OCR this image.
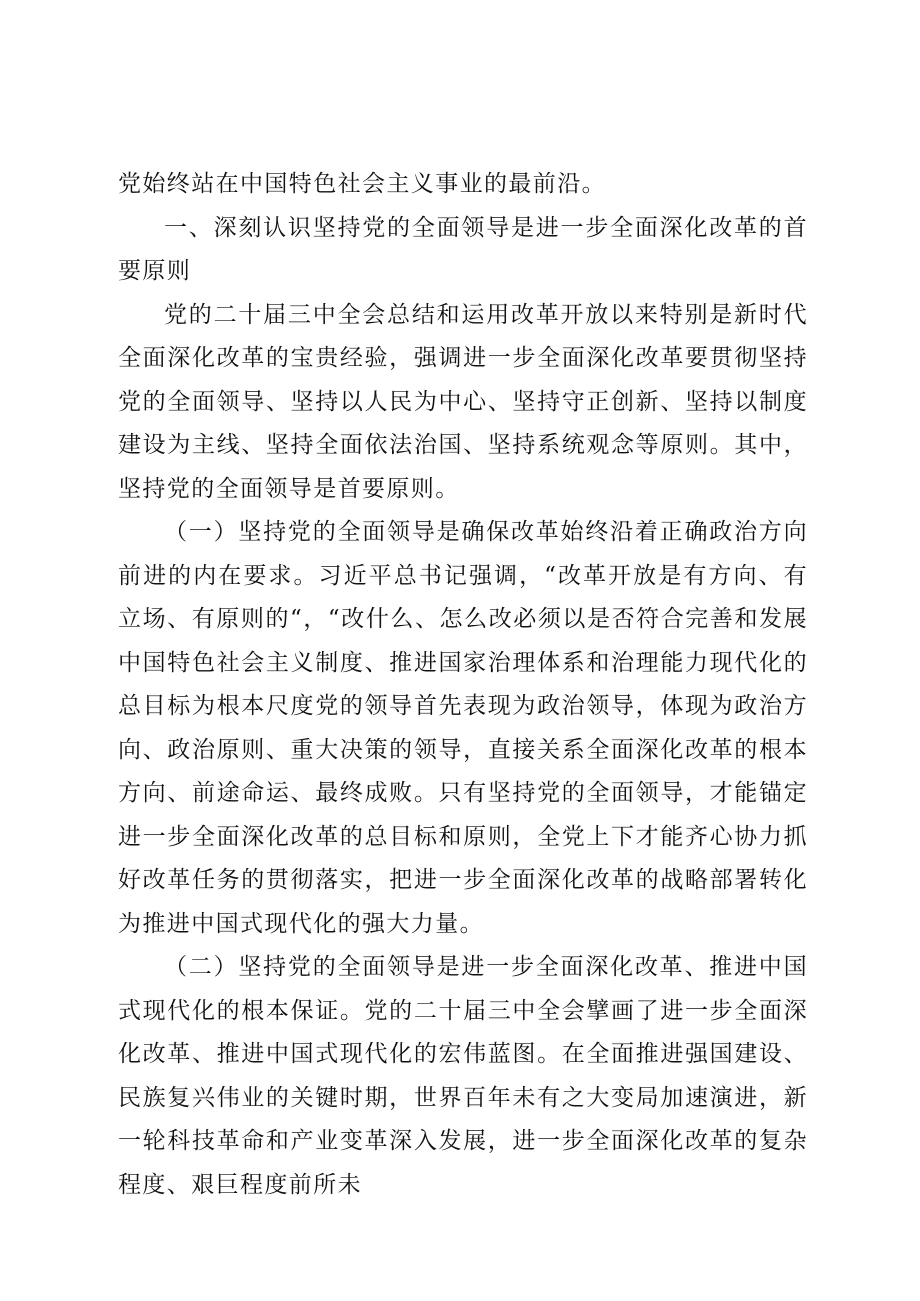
党始终站在中国特色社会主义事业的最前沿。

一、深刻认识坚持党的全面领导是进一步全面深化改革的首要原则

党的二十届三中全会总结和运用改革开放以来特别是新时代全面深化改革的宝贵经验，强调进一步全面深化改革要贯彻坚持党的全面领导、坚持以人民为中心、坚持守正创新、坚持以制度建设为主线、坚持全面依法治国、坚持系统观念等原则。其中，坚持党的全面领导是首要原则。

（一）坚持党的全面领导是确保改革始终沿着正确政治方向前进的内在要求。习近平总书记强调，“改革开放是有方向、有立场、有原则的“，“改什么、怎么改必须以是否符合完善和发展中国特色社会主义制度、推进国家治理体系和治理能力现代化的总目标为根本尺度党的领导首先表现为政治领导，体现为政治方向、政治原则、重大决策的领导，直接关系全面深化改革的根本方向、前途命运、最终成败。只有坚持党的全面领导，才能锚定进一步全面深化改革的总目标和原则，全党上下才能齐心协力抓好改革任务的贯彻落实，把进一步全面深化改革的战略部署转化为推进中国式现代化的强大力量。

（二）坚持党的全面领导是进一步全面深化改革、推进中国式现代化的根本保证。党的二十届三中全会擘画了进一步全面深化改革、推进中国式现代化的宏伟蓝图。在全面推进强国建设、民族复兴伟业的关键时期，世界百年未有之大变局加速演进，新一轮科技革命和产业变革深入发展，进一步全面深化改革的复杂程度、艰巨程度前所未
